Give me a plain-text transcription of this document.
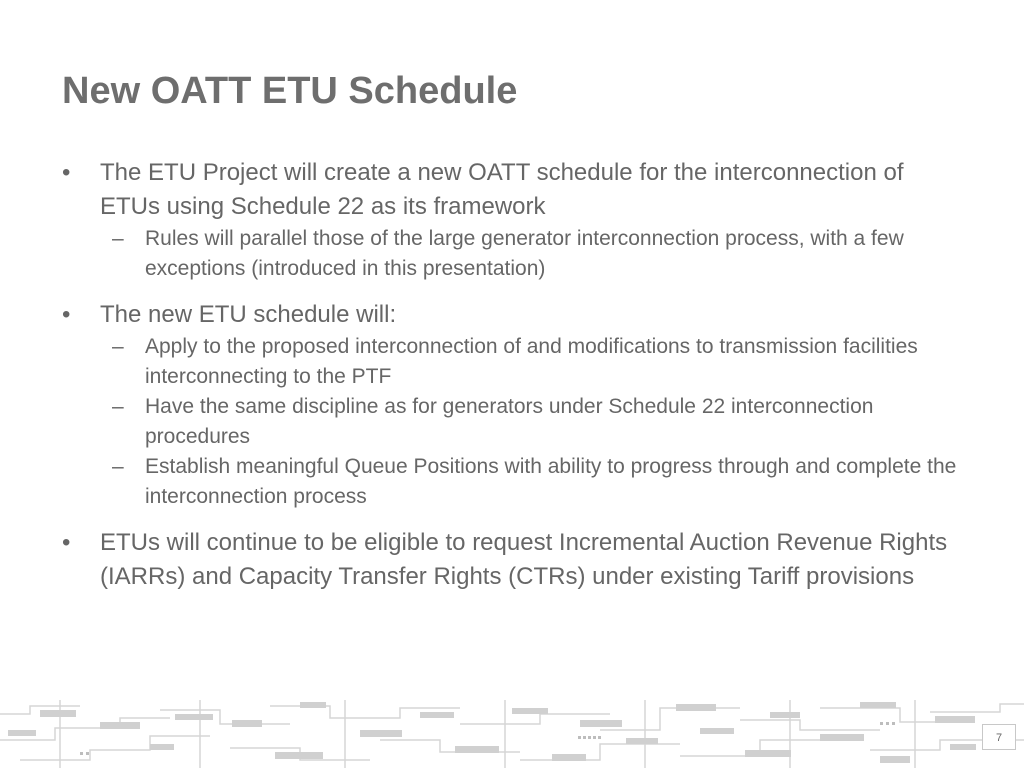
New OATT ETU Schedule
•	The ETU Project will create a new OATT schedule for the interconnection of ETUs using Schedule 22 as its framework
– Rules will parallel those of the large generator interconnection process, with a few exceptions (introduced in this presentation)
•	The new ETU schedule will:
– Apply to the proposed interconnection of and modifications to transmission facilities interconnecting to the PTF
– Have the same discipline as for generators under Schedule 22 interconnection procedures
– Establish meaningful Queue Positions with ability to progress through and complete the interconnection process
•	ETUs will continue to be eligible to request Incremental Auction Revenue Rights (IARRs) and Capacity Transfer Rights (CTRs) under existing Tariff provisions
7
